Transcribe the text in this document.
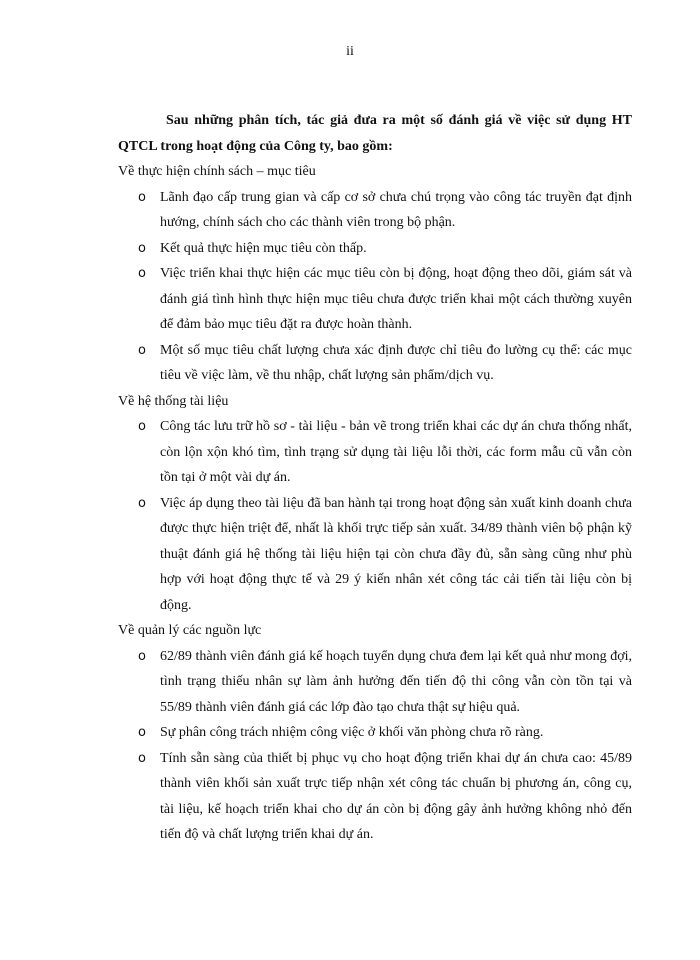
ii
Sau những phân tích, tác giả đưa ra một số đánh giá về việc sử dụng HT
QTCL trong hoạt động của Công ty, bao gồm:

Về thực hiện chính sách – mục tiêu

o Lãnh đạo cấp trung gian và cấp cơ sở chưa chú trọng vào công tác truyền đạt định hướng, chính sách cho các thành viên trong bộ phận.
o Kết quả thực hiện mục tiêu còn thấp.
o Việc triển khai thực hiện các mục tiêu còn bị động, hoạt động theo dõi, giám sát và đánh giá tình hình thực hiện mục tiêu chưa được triển khai một cách thường xuyên để đảm bảo mục tiêu đặt ra được hoàn thành.
o Một số mục tiêu chất lượng chưa xác định được chỉ tiêu đo lường cụ thể: các mục tiêu về việc làm, về thu nhập, chất lượng sản phẩm/dịch vụ.

Về hệ thống tài liệu

o Công tác lưu trữ hồ sơ - tài liệu - bản vẽ trong triển khai các dự án chưa thống nhất, còn lộn xộn khó tìm, tình trạng sử dụng tài liệu lỗi thời, các form mẫu cũ vẫn còn tồn tại ở một vài dự án.
o Việc áp dụng theo tài liệu đã ban hành tại trong hoạt động sản xuất kinh doanh chưa được thực hiện triệt để, nhất là khối trực tiếp sản xuất. 34/89 thành viên bộ phận kỹ thuật đánh giá hệ thống tài liệu hiện tại còn chưa đầy đủ, sẵn sàng cũng như phù hợp với hoạt động thực tế và 29 ý kiến nhân xét công tác cải tiến tài liệu còn bị động.

Về quản lý các nguồn lực

o 62/89 thành viên đánh giá kế hoạch tuyển dụng chưa đem lại kết quả như mong đợi, tình trạng thiếu nhân sự làm ảnh hưởng đến tiến độ thi công vẫn còn tồn tại và 55/89 thành viên đánh giá các lớp đào tạo chưa thật sự hiệu quả.
o Sự phân công trách nhiệm công việc ở khối văn phòng chưa rõ ràng.
o Tính sẵn sàng của thiết bị phục vụ cho hoạt động triển khai dự án chưa cao: 45/89 thành viên khối sản xuất trực tiếp nhận xét công tác chuẩn bị phương án, công cụ, tài liệu, kế hoạch triển khai cho dự án còn bị động gây ảnh hưởng không nhỏ đến tiến độ và chất lượng triển khai dự án.
